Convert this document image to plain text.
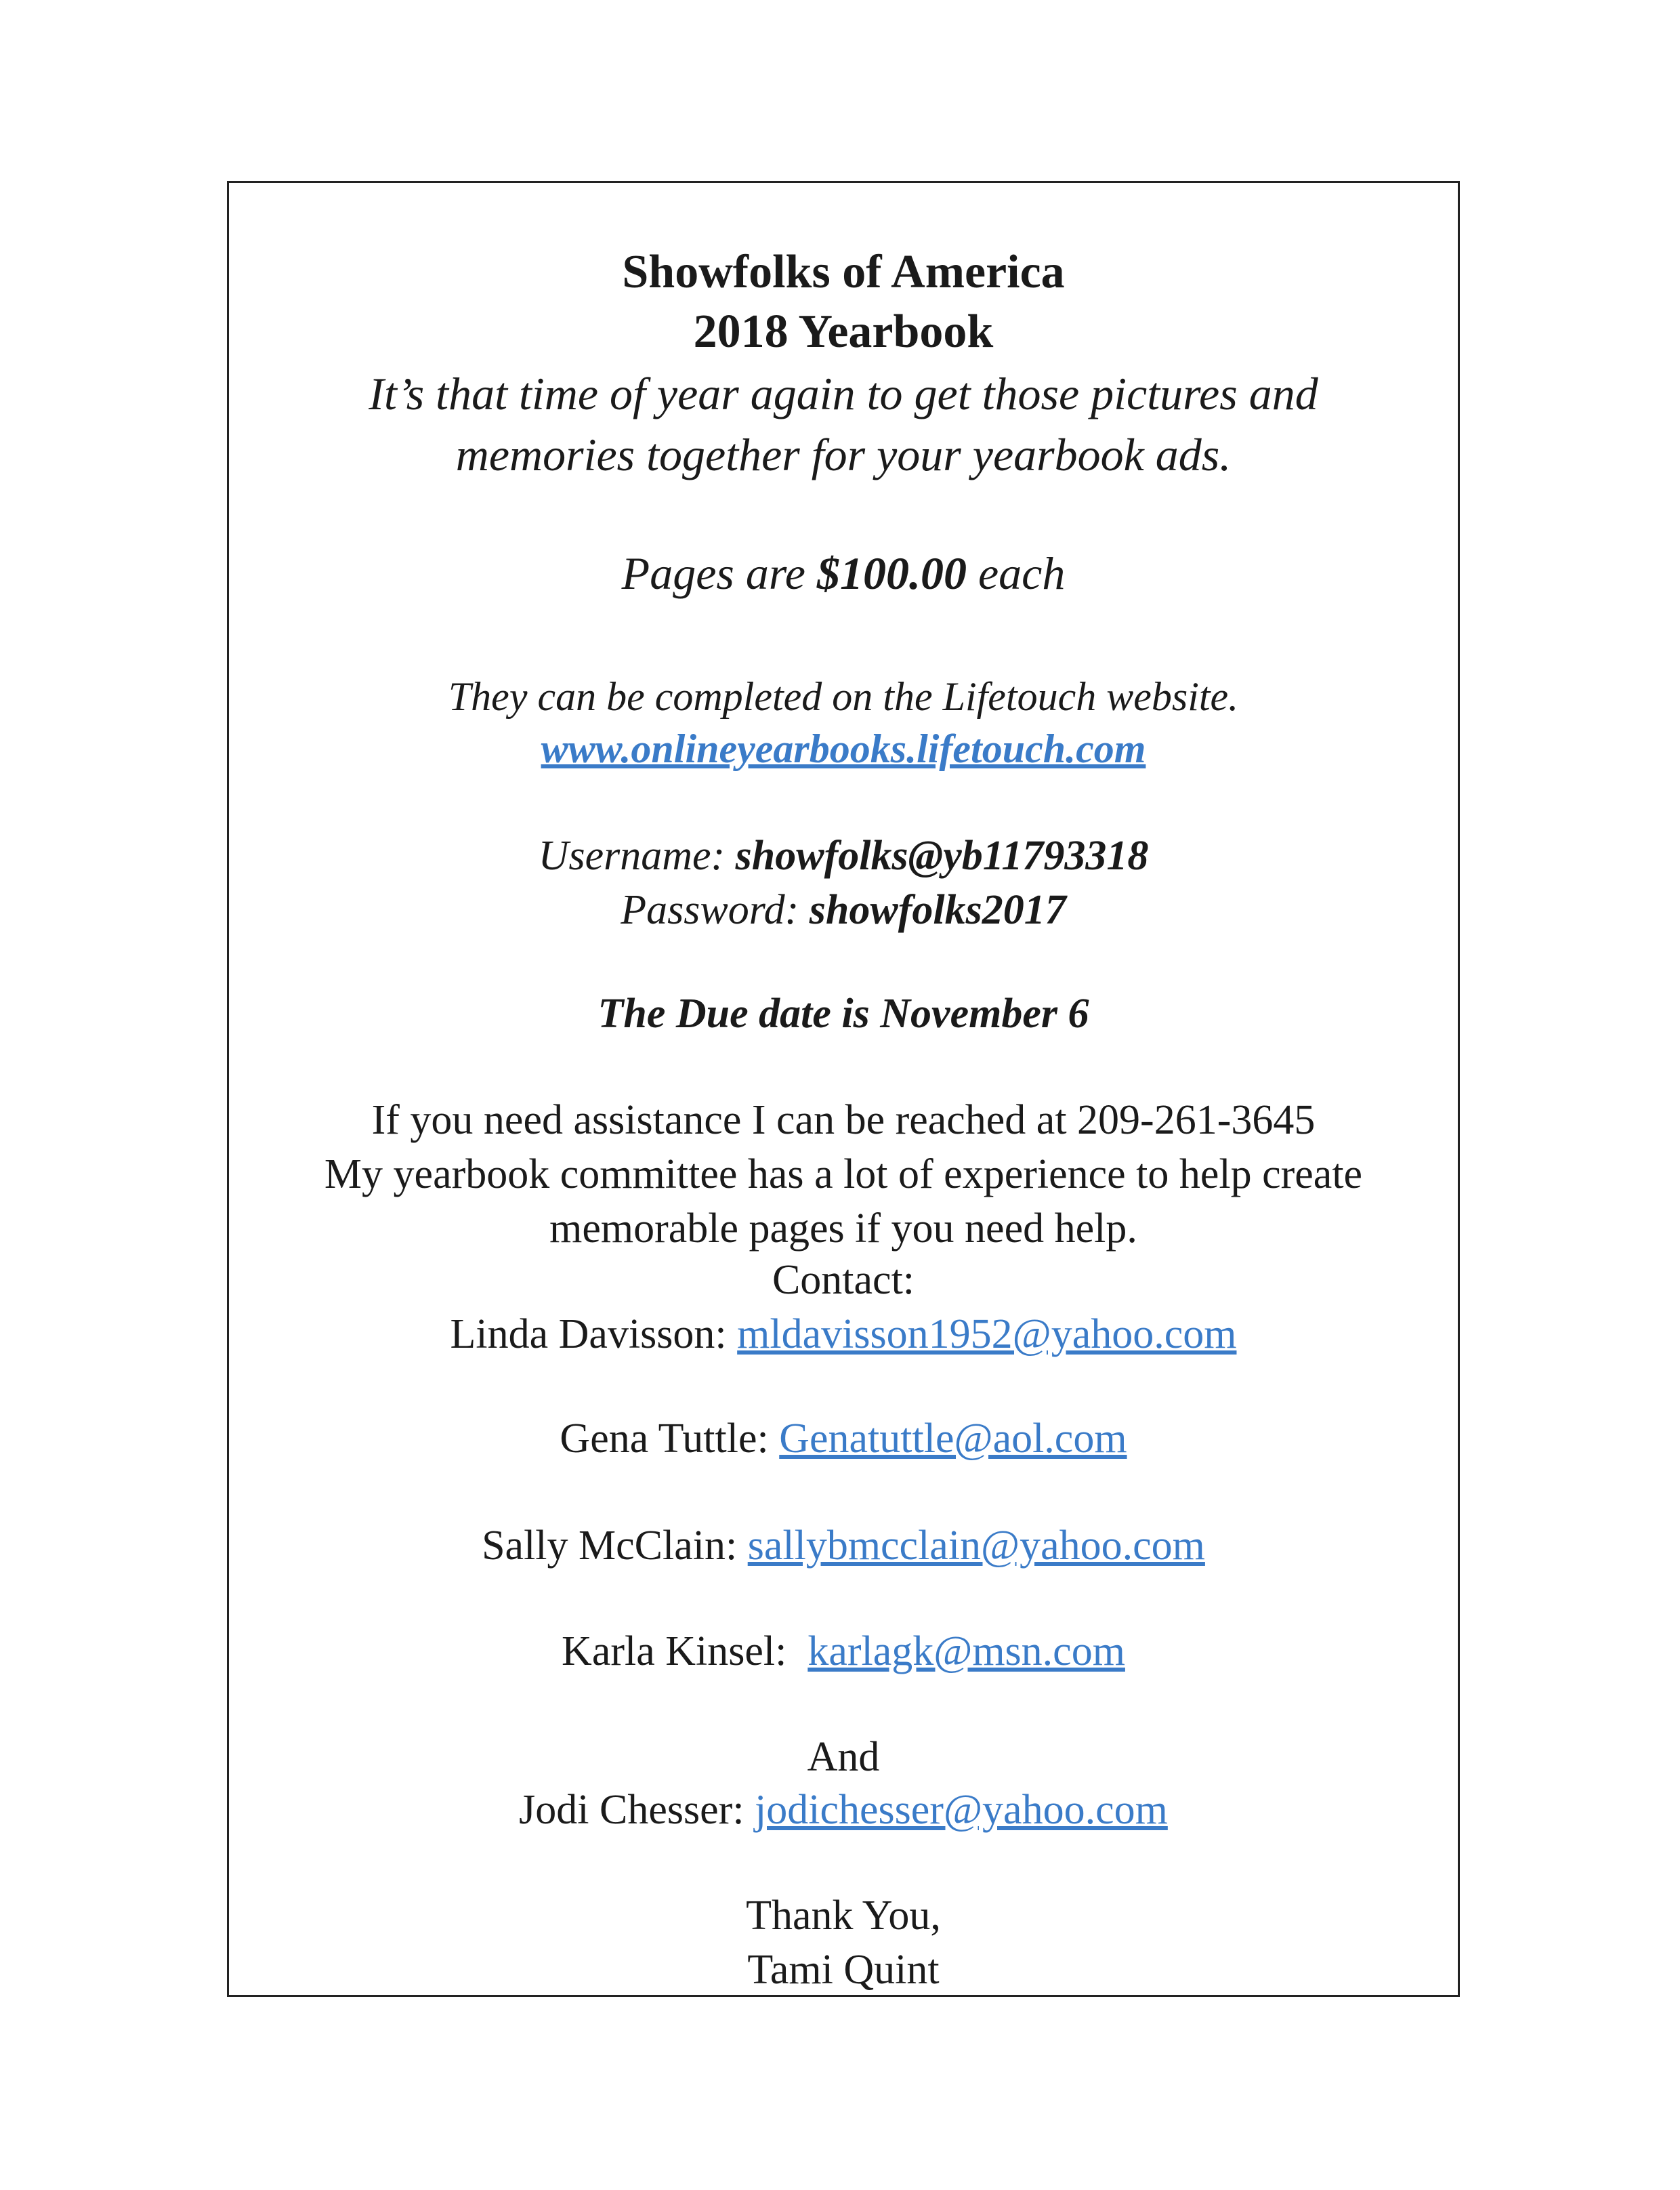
Showfolks of America
2018 Yearbook
It’s that time of year again to get those pictures and
memories together for your yearbook ads.
Pages are $100.00 each
They can be completed on the Lifetouch website.
www.onlineyearbooks.lifetouch.com
Username: showfolks@yb11793318
Password: showfolks2017
The Due date is November 6
If you need assistance I can be reached at 209-261-3645
My yearbook committee has a lot of experience to help create
memorable pages if you need help.
Contact:
Linda Davisson: mldavisson1952@yahoo.com
Gena Tuttle: Genatuttle@aol.com
Sally McClain: sallybmcclain@yahoo.com
Karla Kinsel:  karlagk@msn.com
And
Jodi Chesser: jodichesser@yahoo.com
Thank You,
Tami Quint
